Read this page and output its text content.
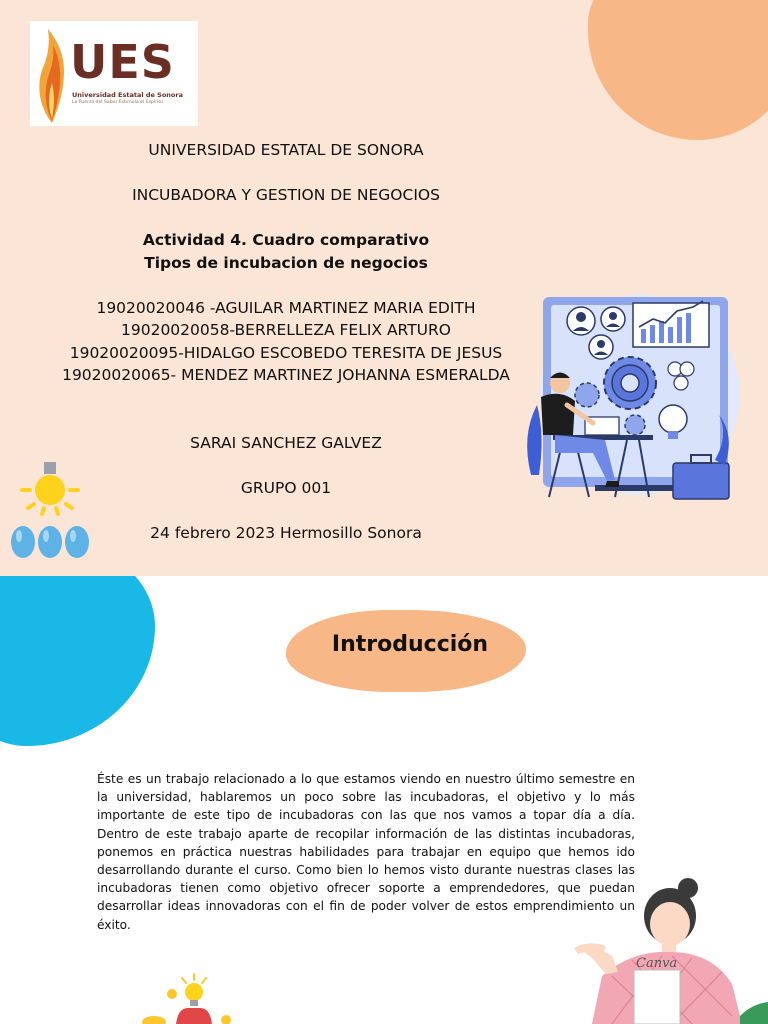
UES
Universidad Estatal de Sonora
La Fuerza del Saber Estimula el Espíritu
UNIVERSIDAD ESTATAL DE SONORA
INCUBADORA Y GESTION DE NEGOCIOS
Actividad 4. Cuadro comparativo
Tipos de incubacion de negocios
19020020046 -AGUILAR MARTINEZ MARIA EDITH
19020020058-BERRELLEZA FELIX ARTURO
19020020095-HIDALGO ESCOBEDO TERESITA DE JESUS
19020020065- MENDEZ MARTINEZ JOHANNA ESMERALDA
SARAI SANCHEZ GALVEZ
GRUPO 001
24 febrero 2023 Hermosillo Sonora
Introducción
Éste es un trabajo relacionado a lo que estamos viendo en nuestro último semestre en la universidad, hablaremos un poco sobre las incubadoras, el objetivo y lo más importante de este tipo de incubadoras con las que nos vamos a topar día a día. Dentro de este trabajo aparte de recopilar información de las distintas incubadoras, ponemos en práctica nuestras habilidades para trabajar en equipo que hemos ido desarrollando durante el curso. Como bien lo hemos visto durante nuestras clases las incubadoras tienen como objetivo ofrecer soporte a emprendedores, que puedan desarrollar ideas innovadoras con el fin de poder volver de estos emprendimiento un éxito.
Canva
